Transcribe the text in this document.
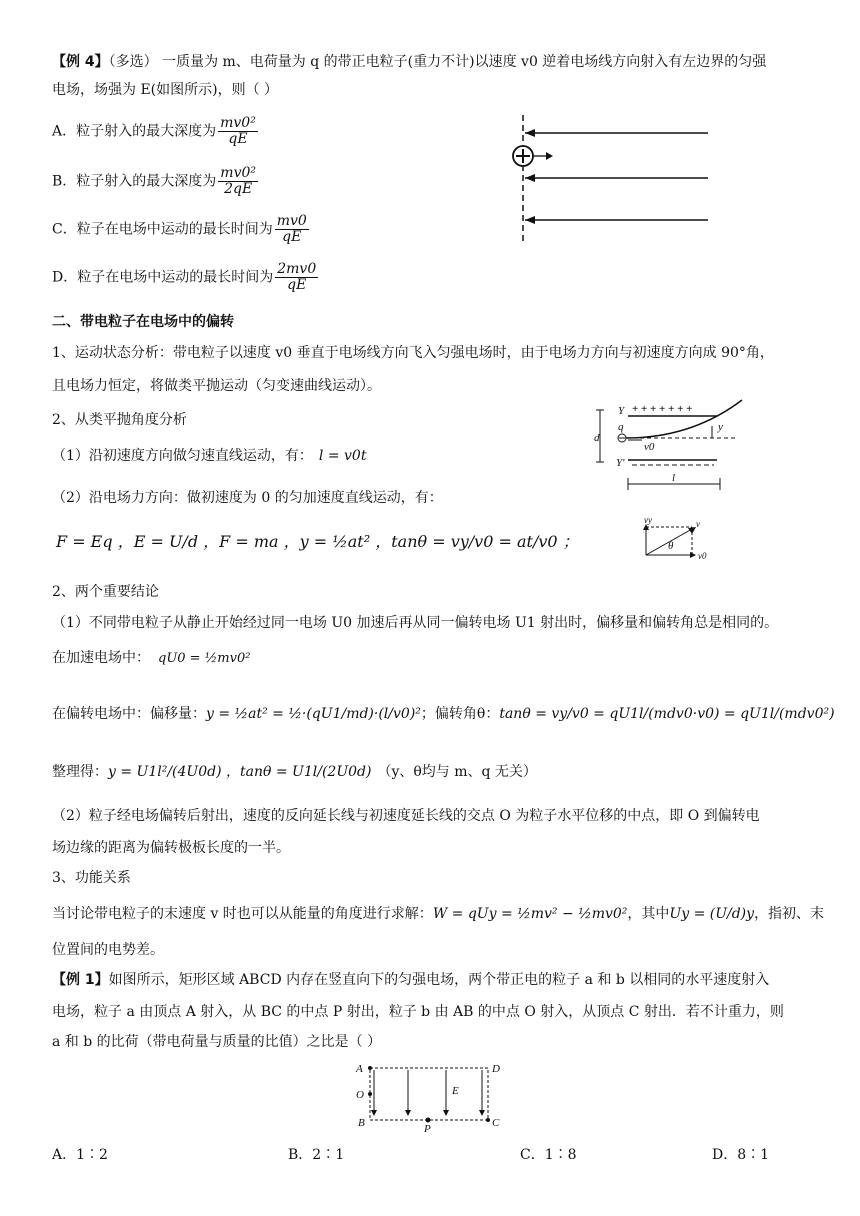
【例 4】（多选） 一质量为 m、电荷量为 q 的带正电粒子(重力不计)以速度 v0 逆着电场线方向射入有左边界的匀强
电场，场强为 E(如图所示)，则（ ）
A．粒子射入的最大深度为 $\frac{\text{mv0²}}{qE}$
B．粒子射入的最大深度为 $\frac{\text{mv0²}}{2qE}$
C．粒子在电场中运动的最长时间为 $\frac{mv0}{qE}$
D．粒子在电场中运动的最长时间为 $\frac{2mv0}{qE}$
二、带电粒子在电场中的偏转
1、运动状态分析：带电粒子以速度 v0 垂直于电场线方向飞入匀强电场时，由于电场力方向与初速度方向成 90°角，
且电场力恒定，将做类平抛运动（匀变速曲线运动）。
2、从类平抛角度分析
（1）沿初速度方向做匀速直线运动，有： l = v0t
（2）沿电场力方向：做初速度为 0 的匀加速度直线运动，有：
F = Eq ，E = U/d ，F = ma ，y = ½at² ，tanθ = vy/v0 = at/v0 ；
Y + + + + + + +
q
v0
y
d
Y′
l
vy	v
θ
v0
2、两个重要结论
（1）不同带电粒子从静止开始经过同一电场 U0 加速后再从同一偏转电场 U1 射出时，偏移量和偏转角总是相同的。
在加速电场中： qU0 = ½mv0²
在偏转电场中：偏移量：y = ½at² = ½·(qU1/md)·(l/v0)²；偏转角θ：tanθ = vy/v0 = qU1l/(mdv0·v0) = qU1l/(mdv0²)
整理得：y = U1l²/(4U0d) ，tanθ = U1l/(2U0d) （y、θ均与 m、q 无关）
（2）粒子经电场偏转后射出，速度的反向延长线与初速度延长线的交点 O 为粒子水平位移的中点，即 O 到偏转电
场边缘的距离为偏转极板长度的一半。
3、功能关系
当讨论带电粒子的末速度 v 时也可以从能量的角度进行求解：W = qUy = ½mv² − ½mv0²，其中Uy = (U/d)y，指初、末
位置间的电势差。
【例 1】如图所示，矩形区域 ABCD 内存在竖直向下的匀强电场，两个带正电的粒子 a 和 b 以相同的水平速度射入
电场，粒子 a 由顶点 A 射入，从 BC 的中点 P 射出，粒子 b 由 AB 的中点 O 射入，从顶点 C 射出．若不计重力，则
a 和 b 的比荷（带电荷量与质量的比值）之比是（ ）
A
O
B
E
P
D
C
A．1∶2	B．2∶1	C．1∶8	D．8∶1
